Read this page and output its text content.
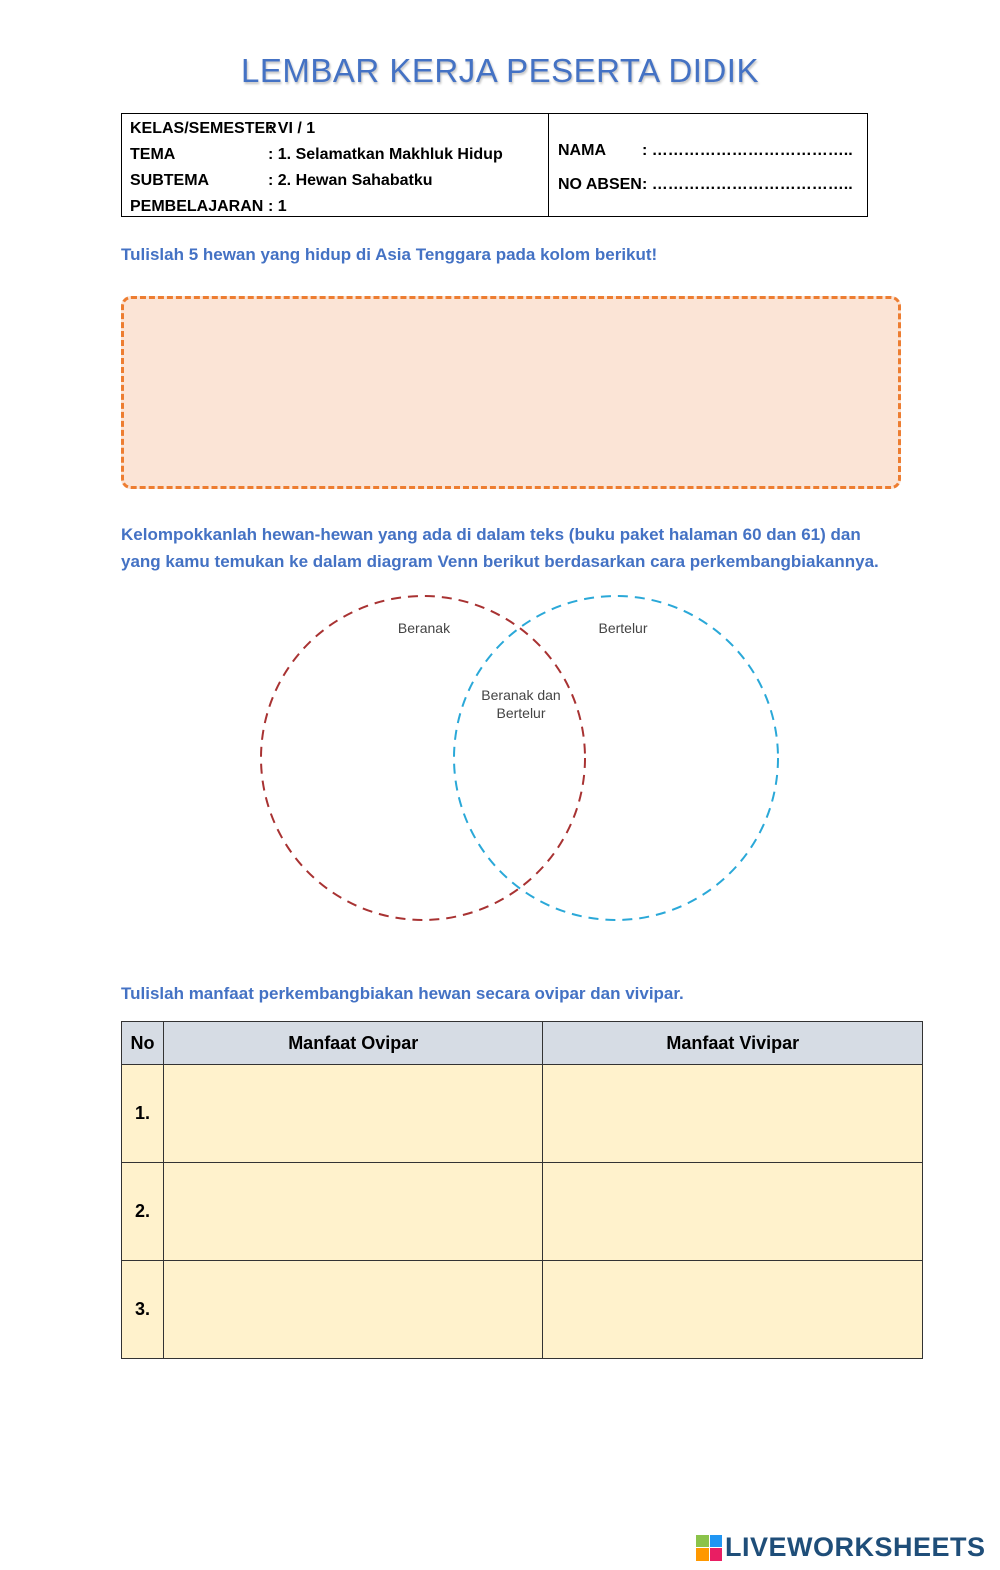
LEMBAR KERJA PESERTA DIDIK
KELAS/SEMESTER
: VI / 1
TEMA	: 1. Selamatkan Makhluk Hidup
SUBTEMA	: 2. Hewan Sahabatku
PEMBELAJARAN : 1
NAMA	: ………………………………..
NO ABSEN : ………………………………..
Tulislah 5 hewan yang hidup di Asia Tenggara pada kolom berikut!
Kelompokkanlah hewan-hewan yang ada di dalam teks (buku paket halaman 60 dan 61) dan
yang kamu temukan ke dalam diagram Venn berikut berdasarkan cara perkembangbiakannya.
Beranak	Bertelur
Beranak dan
Bertelur
Tulislah manfaat perkembangbiakan hewan secara ovipar dan vivipar.
No	Manfaat Ovipar	Manfaat Vivipar
1.		
2.		
3.		
LIVEWORKSHEETS
